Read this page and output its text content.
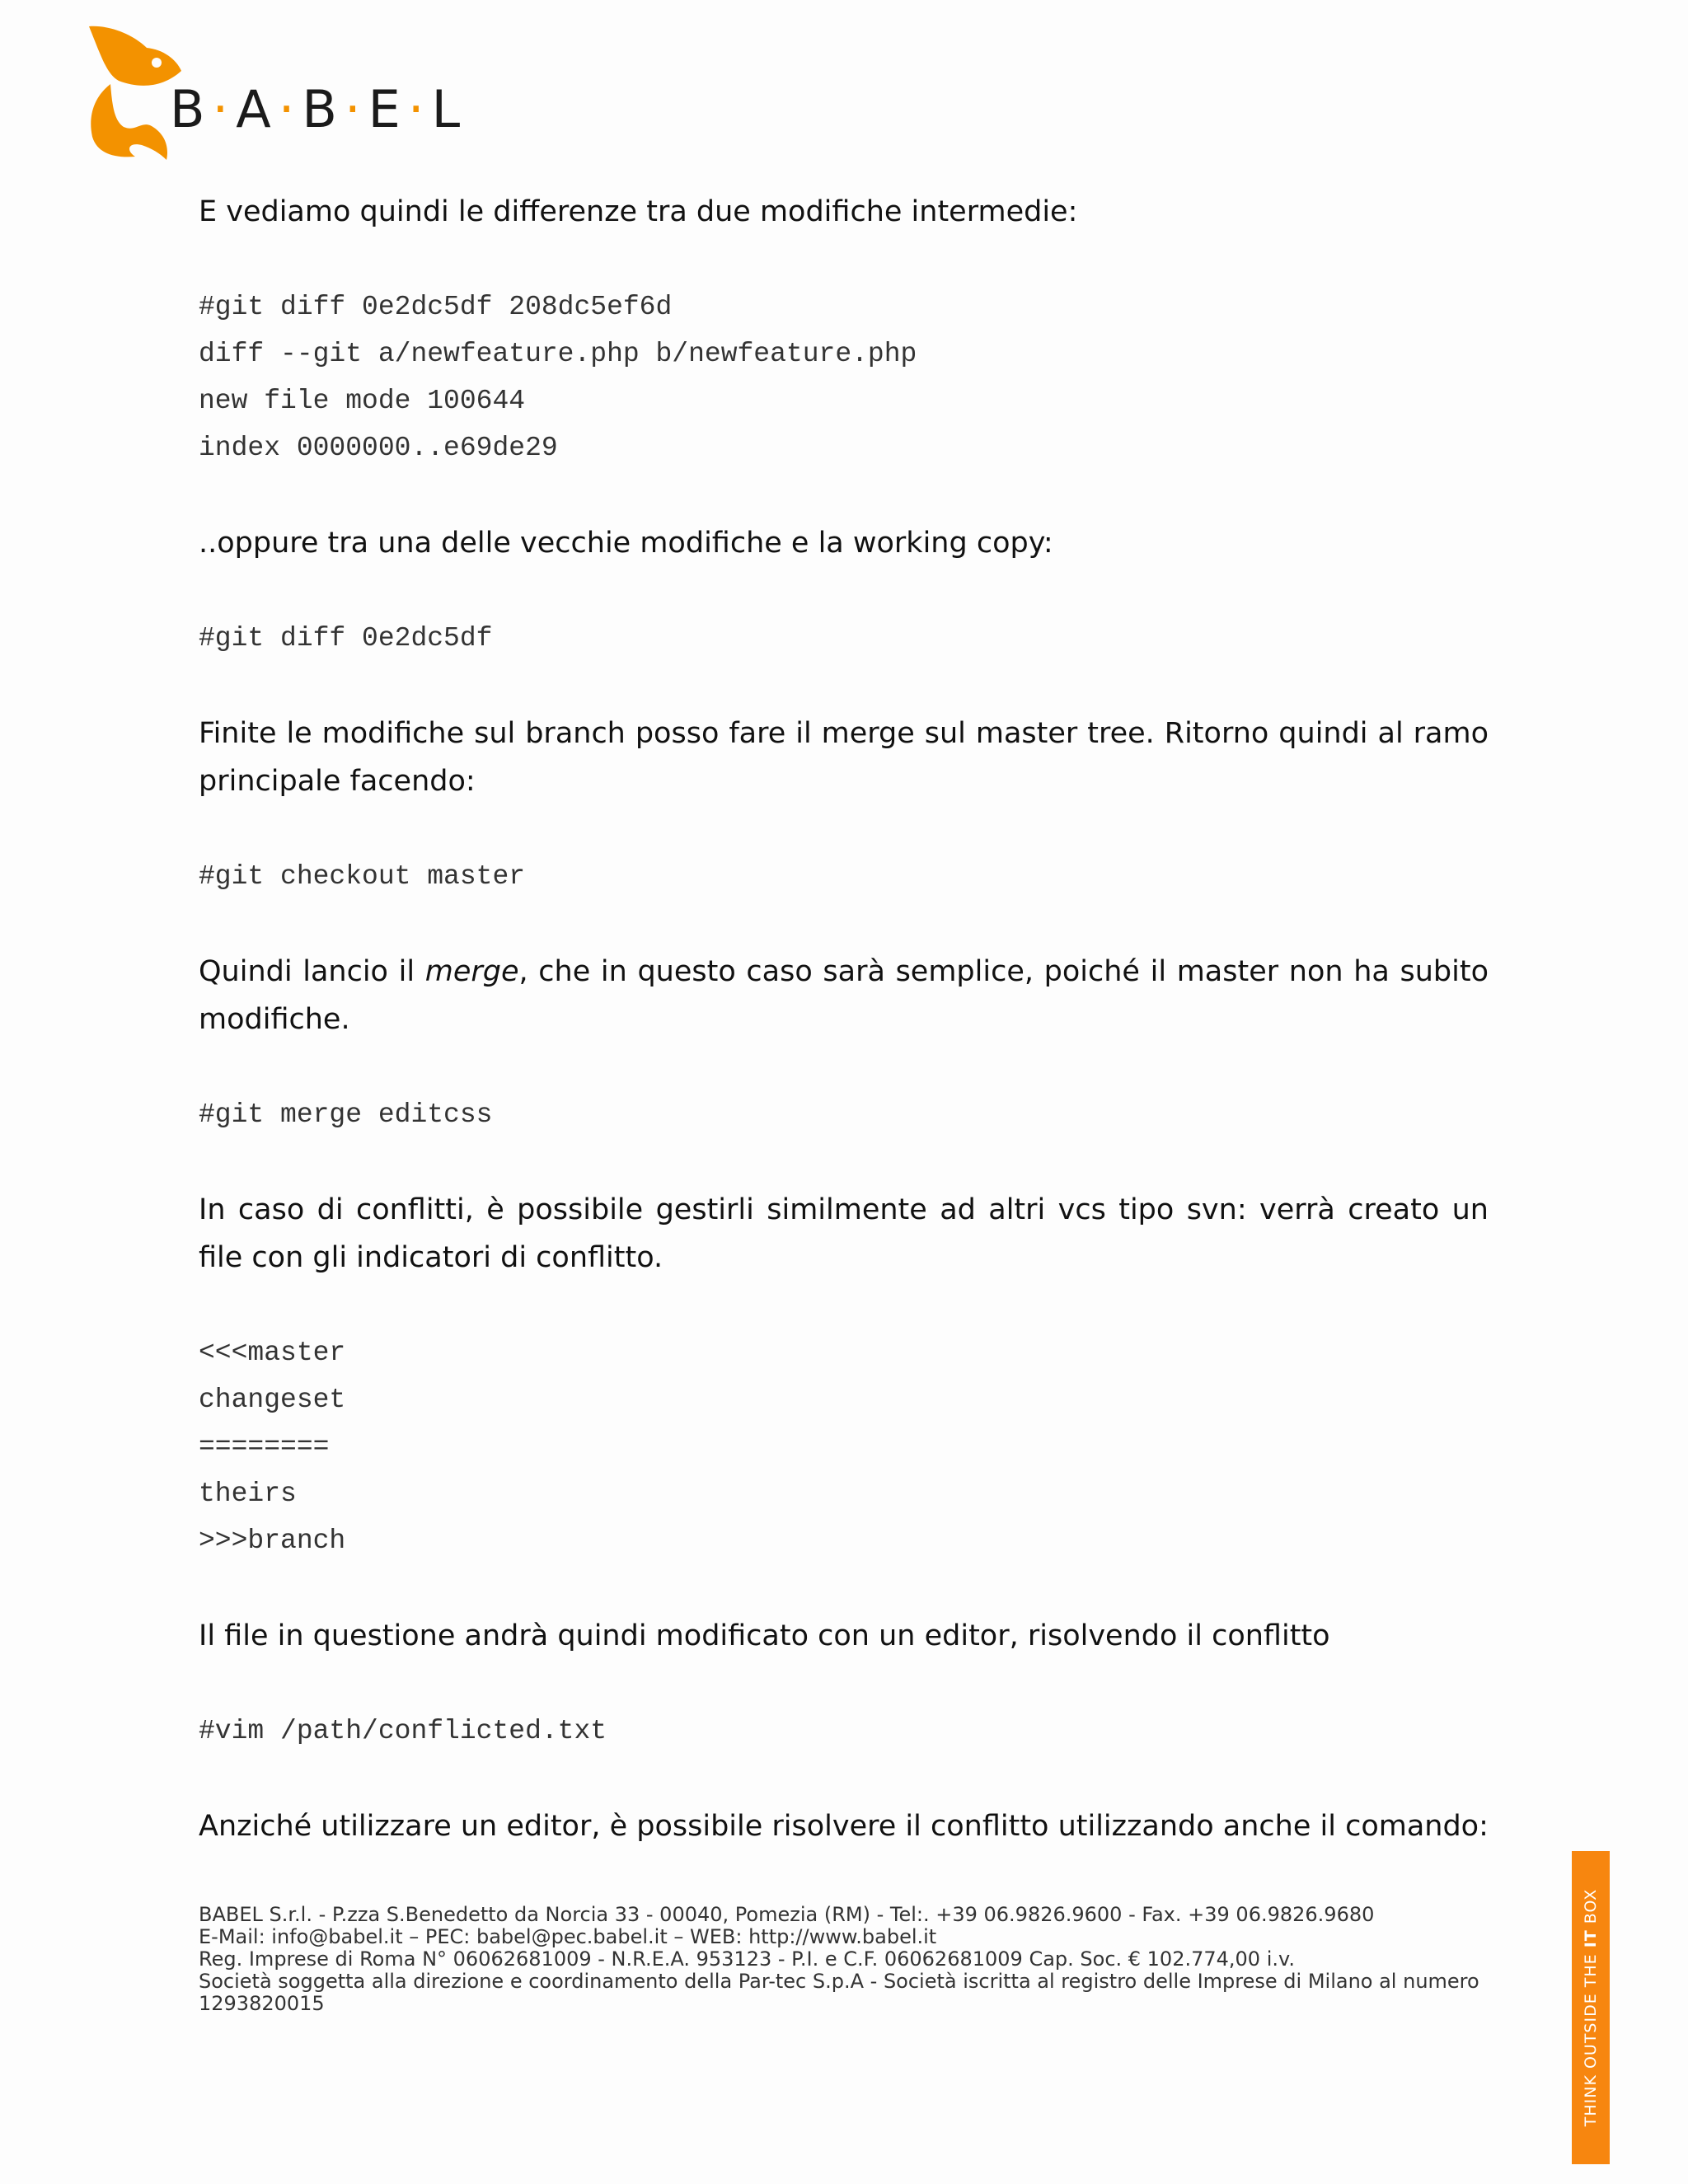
B·A·B·E·L

E vediamo quindi le differenze tra due modifiche intermedie:

#git diff 0e2dc5df 208dc5ef6d
diff --git a/newfeature.php b/newfeature.php
new file mode 100644
index 0000000..e69de29

..oppure tra una delle vecchie modifiche e la working copy:

#git diff 0e2dc5df

Finite le modifiche sul branch posso fare il merge sul master tree. Ritorno quindi al ramo principale facendo:

#git checkout master

Quindi lancio il merge, che in questo caso sarà semplice, poiché il master non ha subito modifiche.

#git merge editcss

In caso di conflitti, è possibile gestirli similmente ad altri vcs tipo svn: verrà creato un file con gli indicatori di conflitto.

<<<master
changeset
========
theirs
>>>branch

Il file in questione andrà quindi modificato con un editor, risolvendo il conflitto

#vim /path/conflicted.txt

Anziché utilizzare un editor, è possibile risolvere il conflitto utilizzando anche il comando:

BABEL S.r.l. - P.zza S.Benedetto da Norcia 33 - 00040, Pomezia (RM) - Tel:. +39 06.9826.9600 - Fax. +39 06.9826.9680
E-Mail: info@babel.it – PEC: babel@pec.babel.it – WEB: http://www.babel.it
Reg. Imprese di Roma N° 06062681009 - N.R.E.A. 953123 - P.I. e C.F. 06062681009 Cap. Soc. € 102.774,00 i.v.
Società soggetta alla direzione e coordinamento della Par-tec S.p.A - Società iscritta al registro delle Imprese di Milano al numero 1293820015	THINK OUTSIDE THE IT BOX
